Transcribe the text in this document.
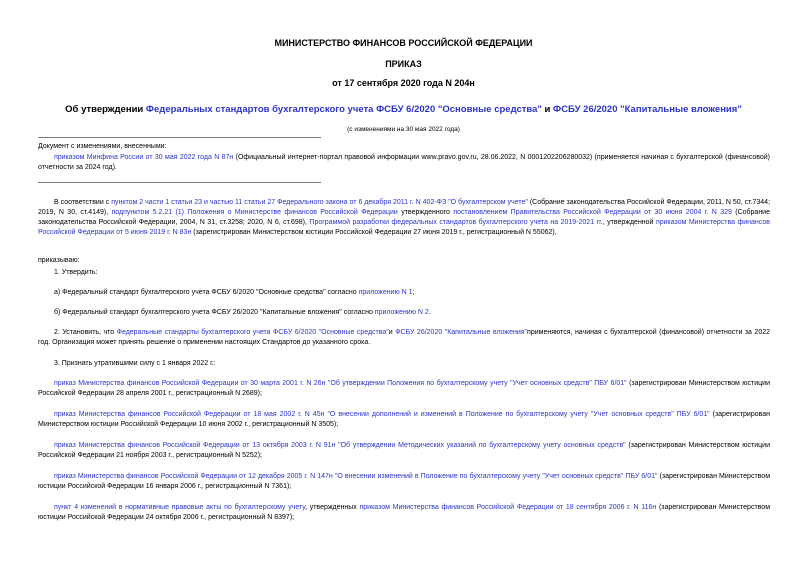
МИНИСТЕРСТВО ФИНАНСОВ РОССИЙСКОЙ ФЕДЕРАЦИИ
ПРИКАЗ
от 17 сентября 2020 года N 204н
Об утверждении Федеральных стандартов бухгалтерского учета ФСБУ 6/2020 "Основные средства" и ФСБУ 26/2020 "Капитальные вложения"
(с изменениями на 30 мая 2022 года)
Документ с изменениями, внесенными:
приказом Минфина России от 30 мая 2022 года N 87н (Официальный интернет-портал правовой информации www.pravo.gov.ru, 28.06.2022, N 0001202206280032) (применяется начиная с бухгалтерской (финансовой) отчетности за 2024 год).
В соответствии с пунктом 2 части 1 статьи 23 и частью 11 статьи 27 Федерального закона от 6 декабря 2011 г. N 402-ФЗ "О бухгалтерском учете" (Собрание законодательства Российской Федерации, 2011, N 50, ст.7344; 2019, N 30, ст.4149), подпунктом 5.2.21 (1) Положения о Министерстве финансов Российской Федерации утвержденного постановлением Правительства Российской Федерации от 30 июня 2004 г. N 329 (Собрание законодательства Российской Федерации, 2004, N 31, ст.3258; 2020, N 6, ст.698), Программой разработки федеральных стандартов бухгалтерского учета на 2019-2021 гг., утвержденной приказом Министерства финансов Российской Федерации от 5 июня 2019 г. N 83н (зарегистрирован Министерством юстиции Российской Федерации 27 июня 2019 г., регистрационный N 55062),
приказываю:
1. Утвердить:
а) Федеральный стандарт бухгалтерского учета ФСБУ 6/2020 "Основные средства" согласно приложению N 1;
б) Федеральный стандарт бухгалтерского учета ФСБУ 26/2020 "Капитальные вложения" согласно приложению N 2.
2. Установить, что Федеральные стандарты бухгалтерского учета ФСБУ 6/2020 "Основные средства"и ФСБУ 26/2020 "Капитальные вложения"применяются, начиная с бухгалтерской (финансовой) отчетности за 2022 год. Организация может принять решение о применении настоящих Стандартов до указанного срока.
3. Признать утратившими силу с 1 января 2022 г.:
приказ Министерства финансов Российской Федерации от 30 марта 2001 г. N 26н "Об утверждении Положения по бухгалтерскому учету "Учет основных средств" ПБУ 6/01" (зарегистрирован Министерством юстиции Российской Федерации 28 апреля 2001 г., регистрационный N 2689);
приказ Министерства финансов Российской Федерации от 18 мая 2002 г. N 45н "О внесении дополнений и изменений в Положение по бухгалтерскому учету "Учет основных средств" ПБУ 6/01" (зарегистрирован Министерством юстиции Российской Федерации 10 июня 2002 г., регистрационный N 3505);
приказ Министерства финансов Российской Федерации от 13 октября 2003 г. N 91н "Об утверждении Методических указаний по бухгалтерскому учету основных средств" (зарегистрирован Министерством юстиции Российской Федерации 21 ноября 2003 г., регистрационный N 5252);
приказ Министерства финансов Российской Федерации от 12 декабря 2005 г. N 147н "О внесении изменений в Положение по бухгалтерскому учету "Учет основных средств" ПБУ 6/01" (зарегистрирован Министерством юстиции Российской Федерации 16 января 2006 г., регистрационный N 7361);
пункт 4 изменений в нормативные правовые акты по бухгалтерскому учету, утвержденных приказом Министерства финансов Российской Федерации от 18 сентября 2006 г. N 116н (зарегистрирован Министерством юстиции Российской Федерации 24 октября 2006 г., регистрационный N 8397);
